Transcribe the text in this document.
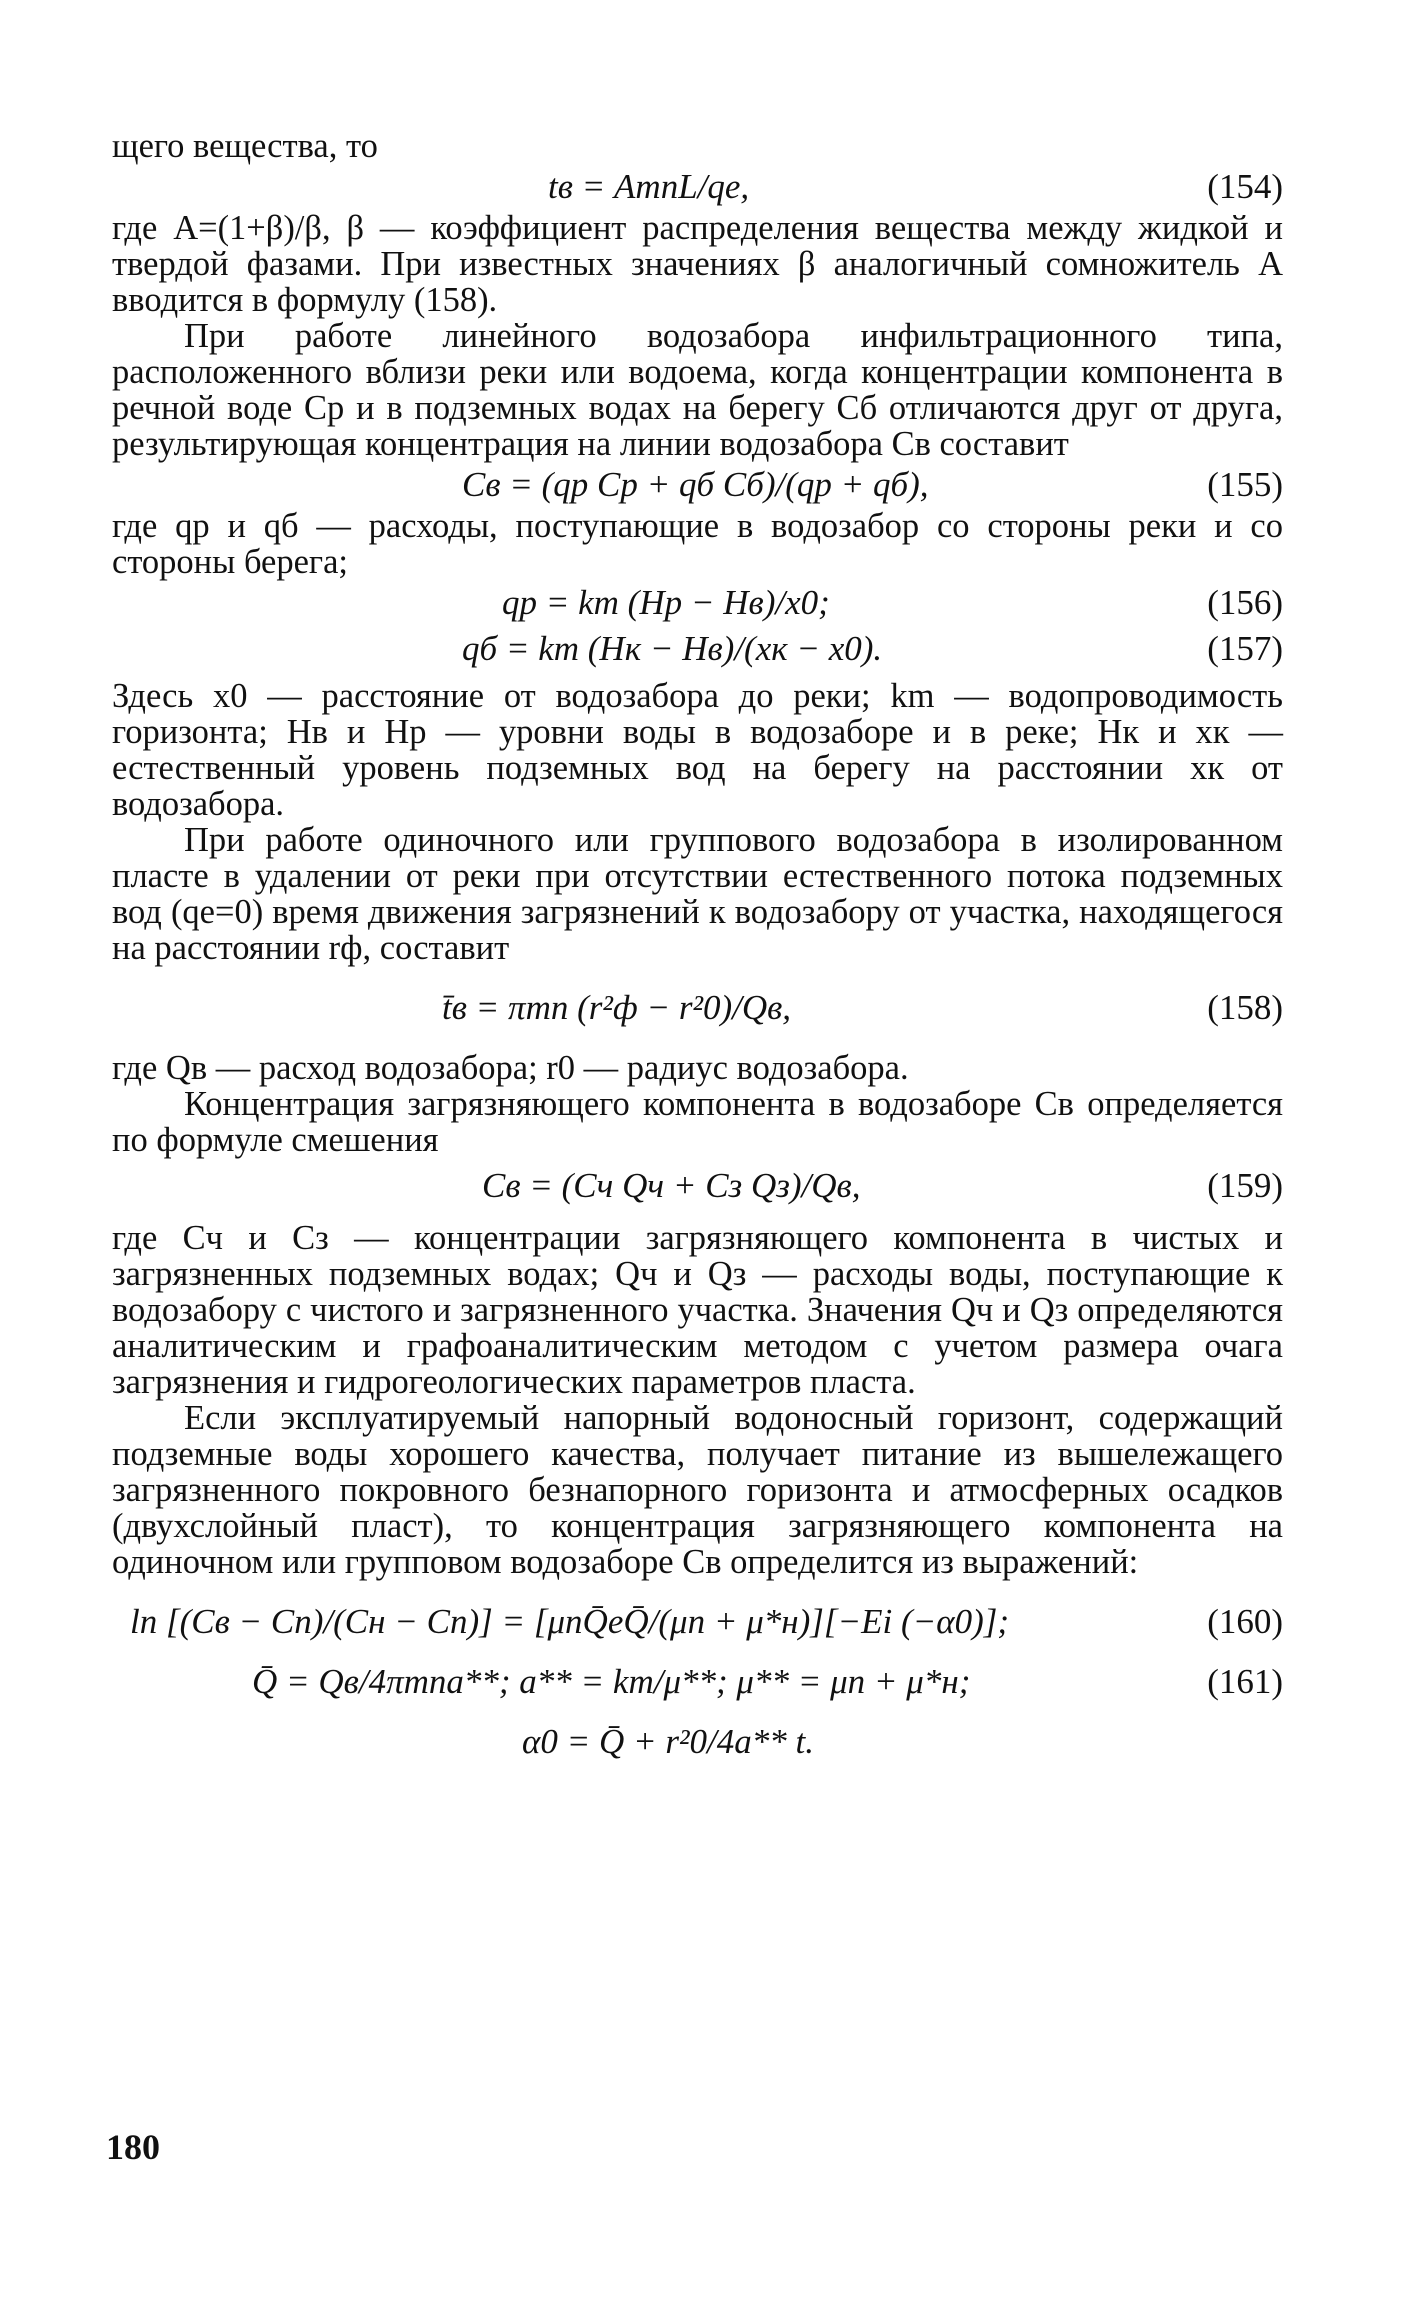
щего вещества, то

tв = AmnL/qе,	(154)

где A=(1+β)/β, β — коэффициент распределения вещества между жидкой и твердой фазами. При известных значениях β аналогичный сомножитель A вводится в формулу (158).

При работе линейного водозабора инфильтрационного типа, расположенного вблизи реки или водоема, когда концентрации компонента в речной воде Cр и в подземных водах на берегу Cб отличаются друг от друга, результирующая концентрация на линии водозабора Cв составит

Cв = (qр Cр + qб Cб)/(qр + qб),	(155)

где qр и qб — расходы, поступающие в водозабор со стороны реки и со стороны берега;

qр = km (Hр − Hв)/x0;	(156)
qб = km (Hк − Hв)/(xк − x0).	(157)

Здесь x0 — расстояние от водозабора до реки; km — водопроводимость горизонта; Hв и Hр — уровни воды в водозаборе и в реке; Hк и xк — естественный уровень подземных вод на берегу на расстоянии xк от водозабора.

При работе одиночного или группового водозабора в изолированном пласте в удалении от реки при отсутствии естественного потока подземных вод (qе=0) время движения загрязнений к водозабору от участка, находящегося на расстоянии rф, составит

t̄в = πmn (r²ф − r²0)/Qв,	(158)

где Qв — расход водозабора; r0 — радиус водозабора.

Концентрация загрязняющего компонента в водозаборе Cв определяется по формуле смешения

Cв = (Cч Qч + Cз Qз)/Qв,	(159)

где Cч и Cз — концентрации загрязняющего компонента в чистых и загрязненных подземных водах; Qч и Qз — расходы воды, поступающие к водозабору с чистого и загрязненного участка. Значения Qч и Qз определяются аналитическим и графоаналитическим методом с учетом размера очага загрязнения и гидрогеологических параметров пласта.

Если эксплуатируемый напорный водоносный горизонт, содержащий подземные воды хорошего качества, получает питание из вышележащего загрязненного покровного безнапорного горизонта и атмосферных осадков (двухслойный пласт), то концентрация загрязняющего компонента на одиночном или групповом водозаборе Cв определится из выражений:

ln [(Cв − Cп)/(Cн − Cп)] = [μпQ̄eQ̄/(μп + μ*н)][−Ei (−α0)];	(160)
Q̄ = Qв/4πmna**; a** = km/μ**; μ** = μп + μ*н;	(161)
α0 = Q̄ + r²0/4a** t.
180
